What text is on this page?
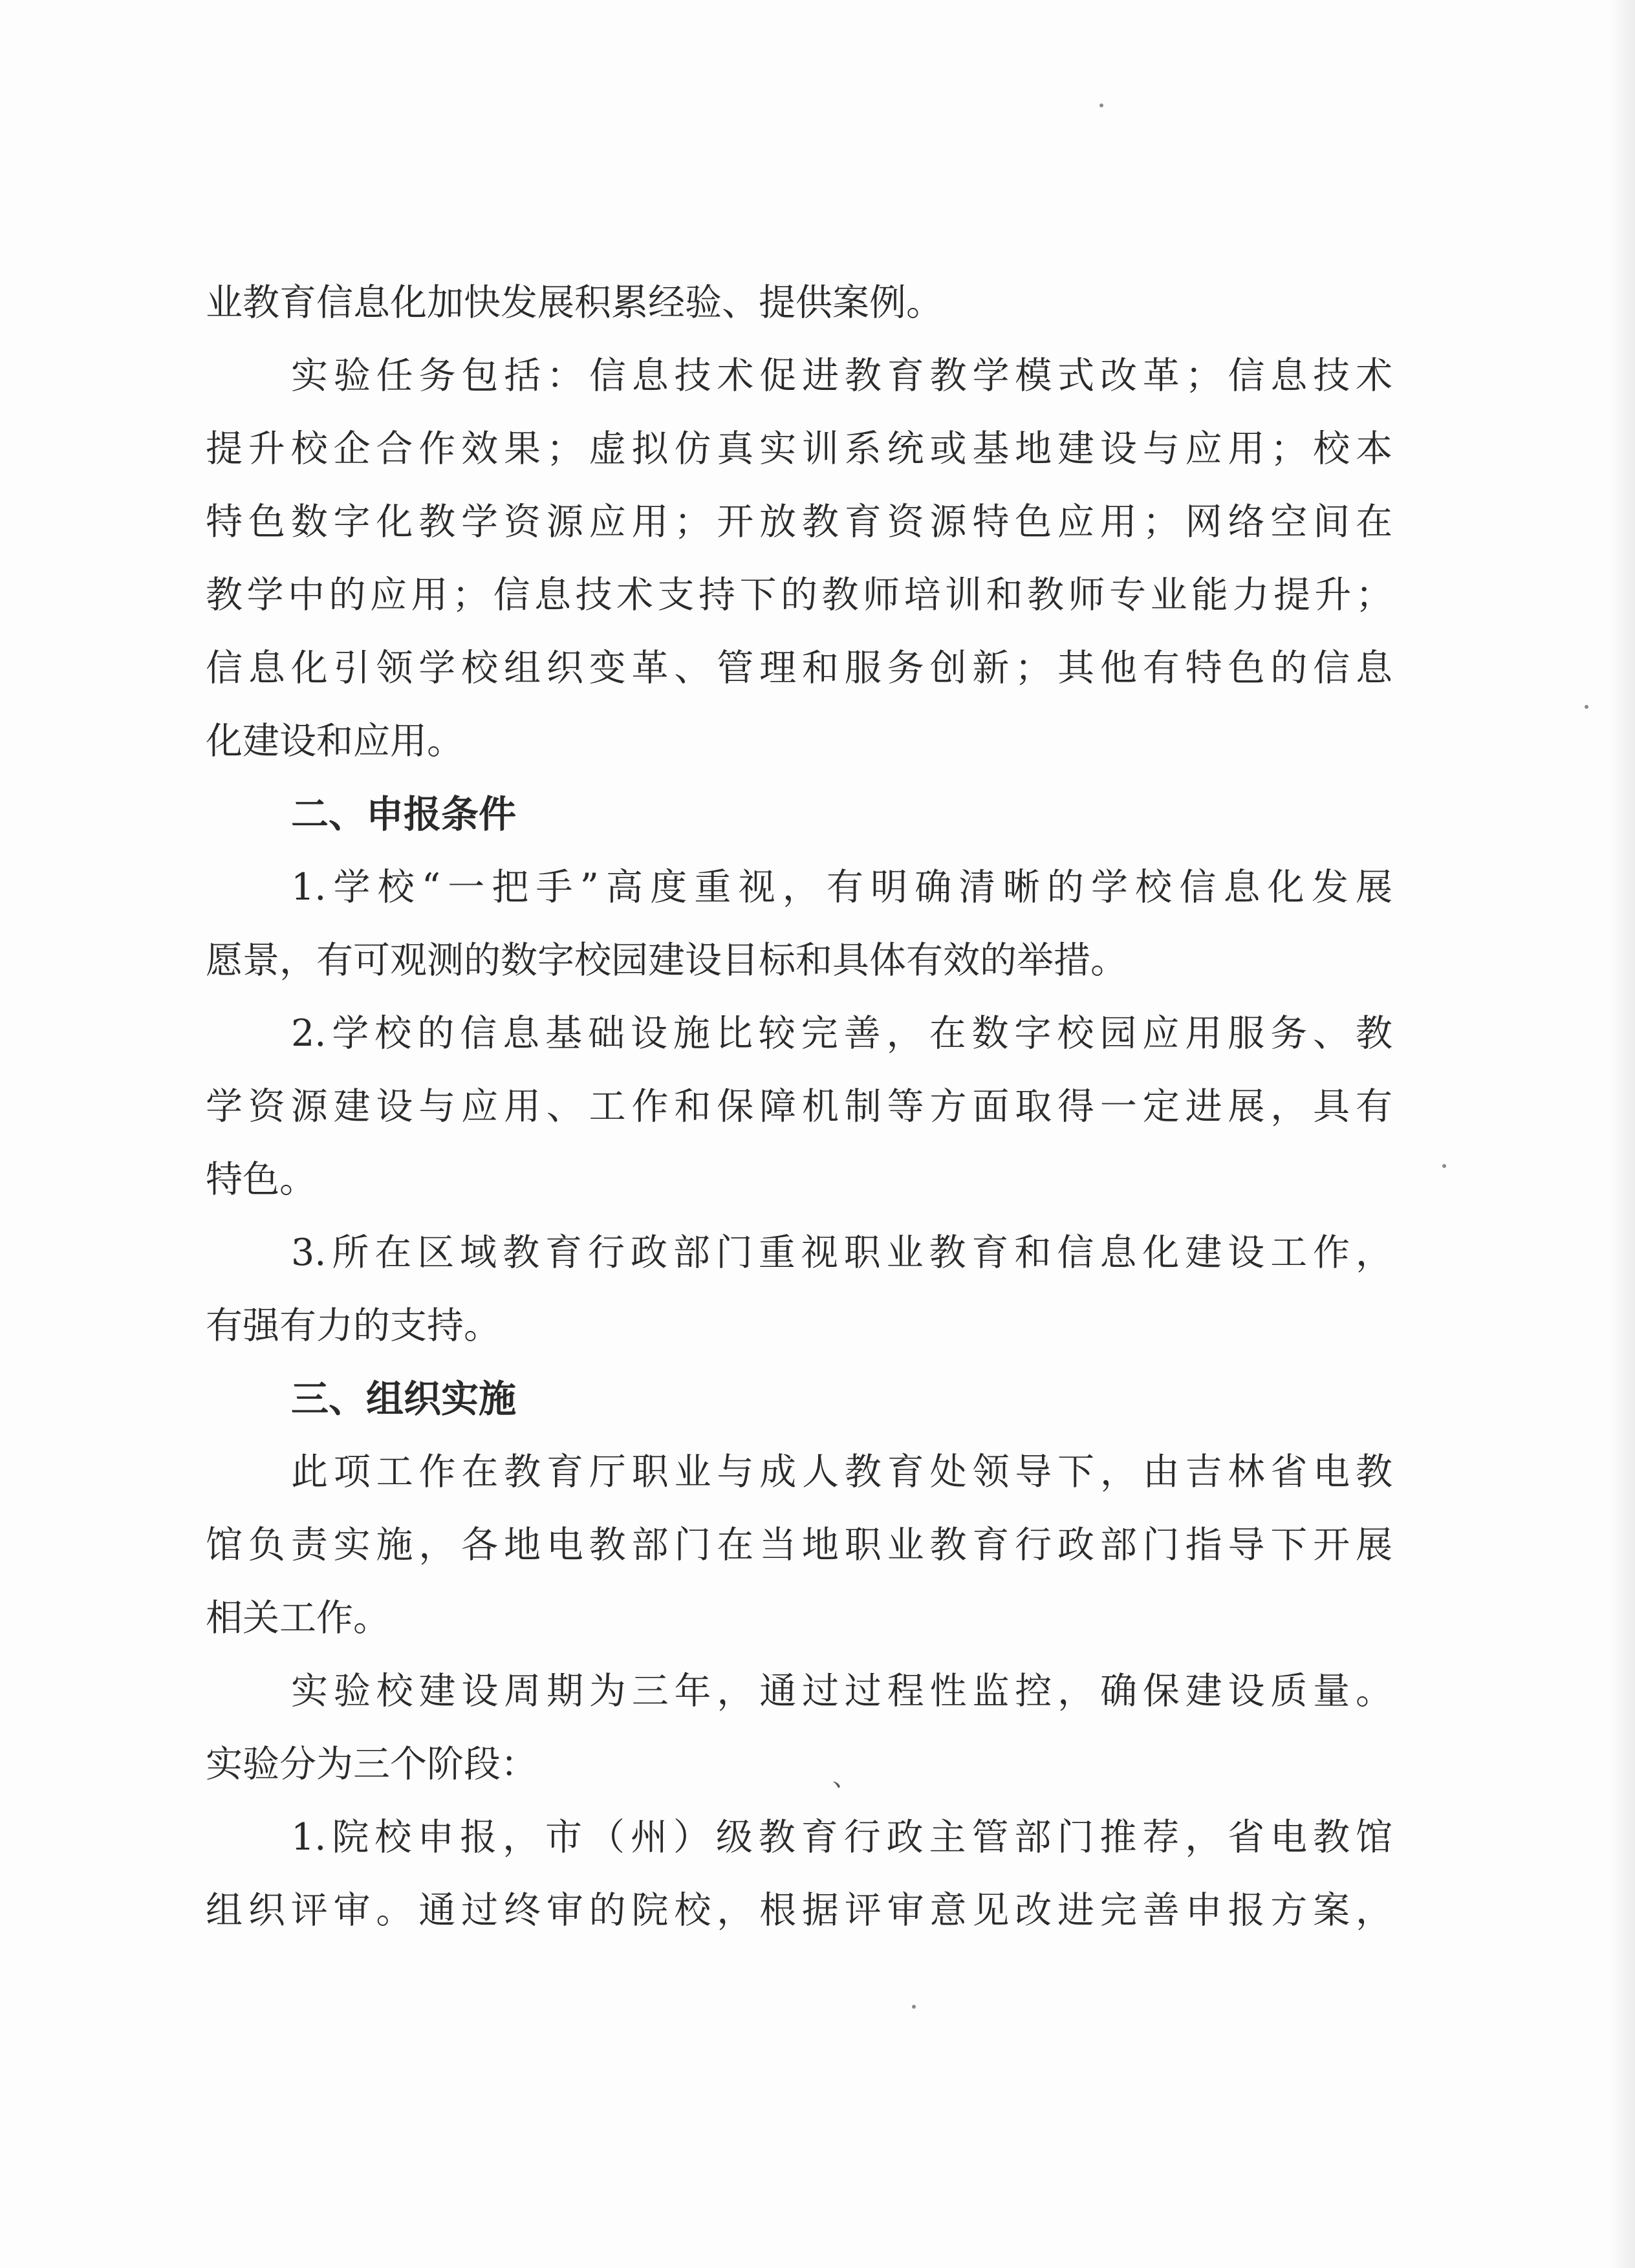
业教育信息化加快发展积累经验、提供案例。
实验任务包括：信息技术促进教育教学模式改革；信息技术
提升校企合作效果；虚拟仿真实训系统或基地建设与应用；校本
特色数字化教学资源应用；开放教育资源特色应用；网络空间在
教学中的应用；信息技术支持下的教师培训和教师专业能力提升；
信息化引领学校组织变革、管理和服务创新；其他有特色的信息
化建设和应用。
二、申报条件
1.学校“一把手”高度重视，有明确清晰的学校信息化发展
愿景，有可观测的数字校园建设目标和具体有效的举措。
2.学校的信息基础设施比较完善，在数字校园应用服务、教
学资源建设与应用、工作和保障机制等方面取得一定进展，具有
特色。
3.所在区域教育行政部门重视职业教育和信息化建设工作，
有强有力的支持。
三、组织实施
此项工作在教育厅职业与成人教育处领导下，由吉林省电教
馆负责实施，各地电教部门在当地职业教育行政部门指导下开展
相关工作。
实验校建设周期为三年，通过过程性监控，确保建设质量。
实验分为三个阶段：
1.院校申报，市（州）级教育行政主管部门推荐，省电教馆
组织评审。通过终审的院校，根据评审意见改进完善申报方案，
、
